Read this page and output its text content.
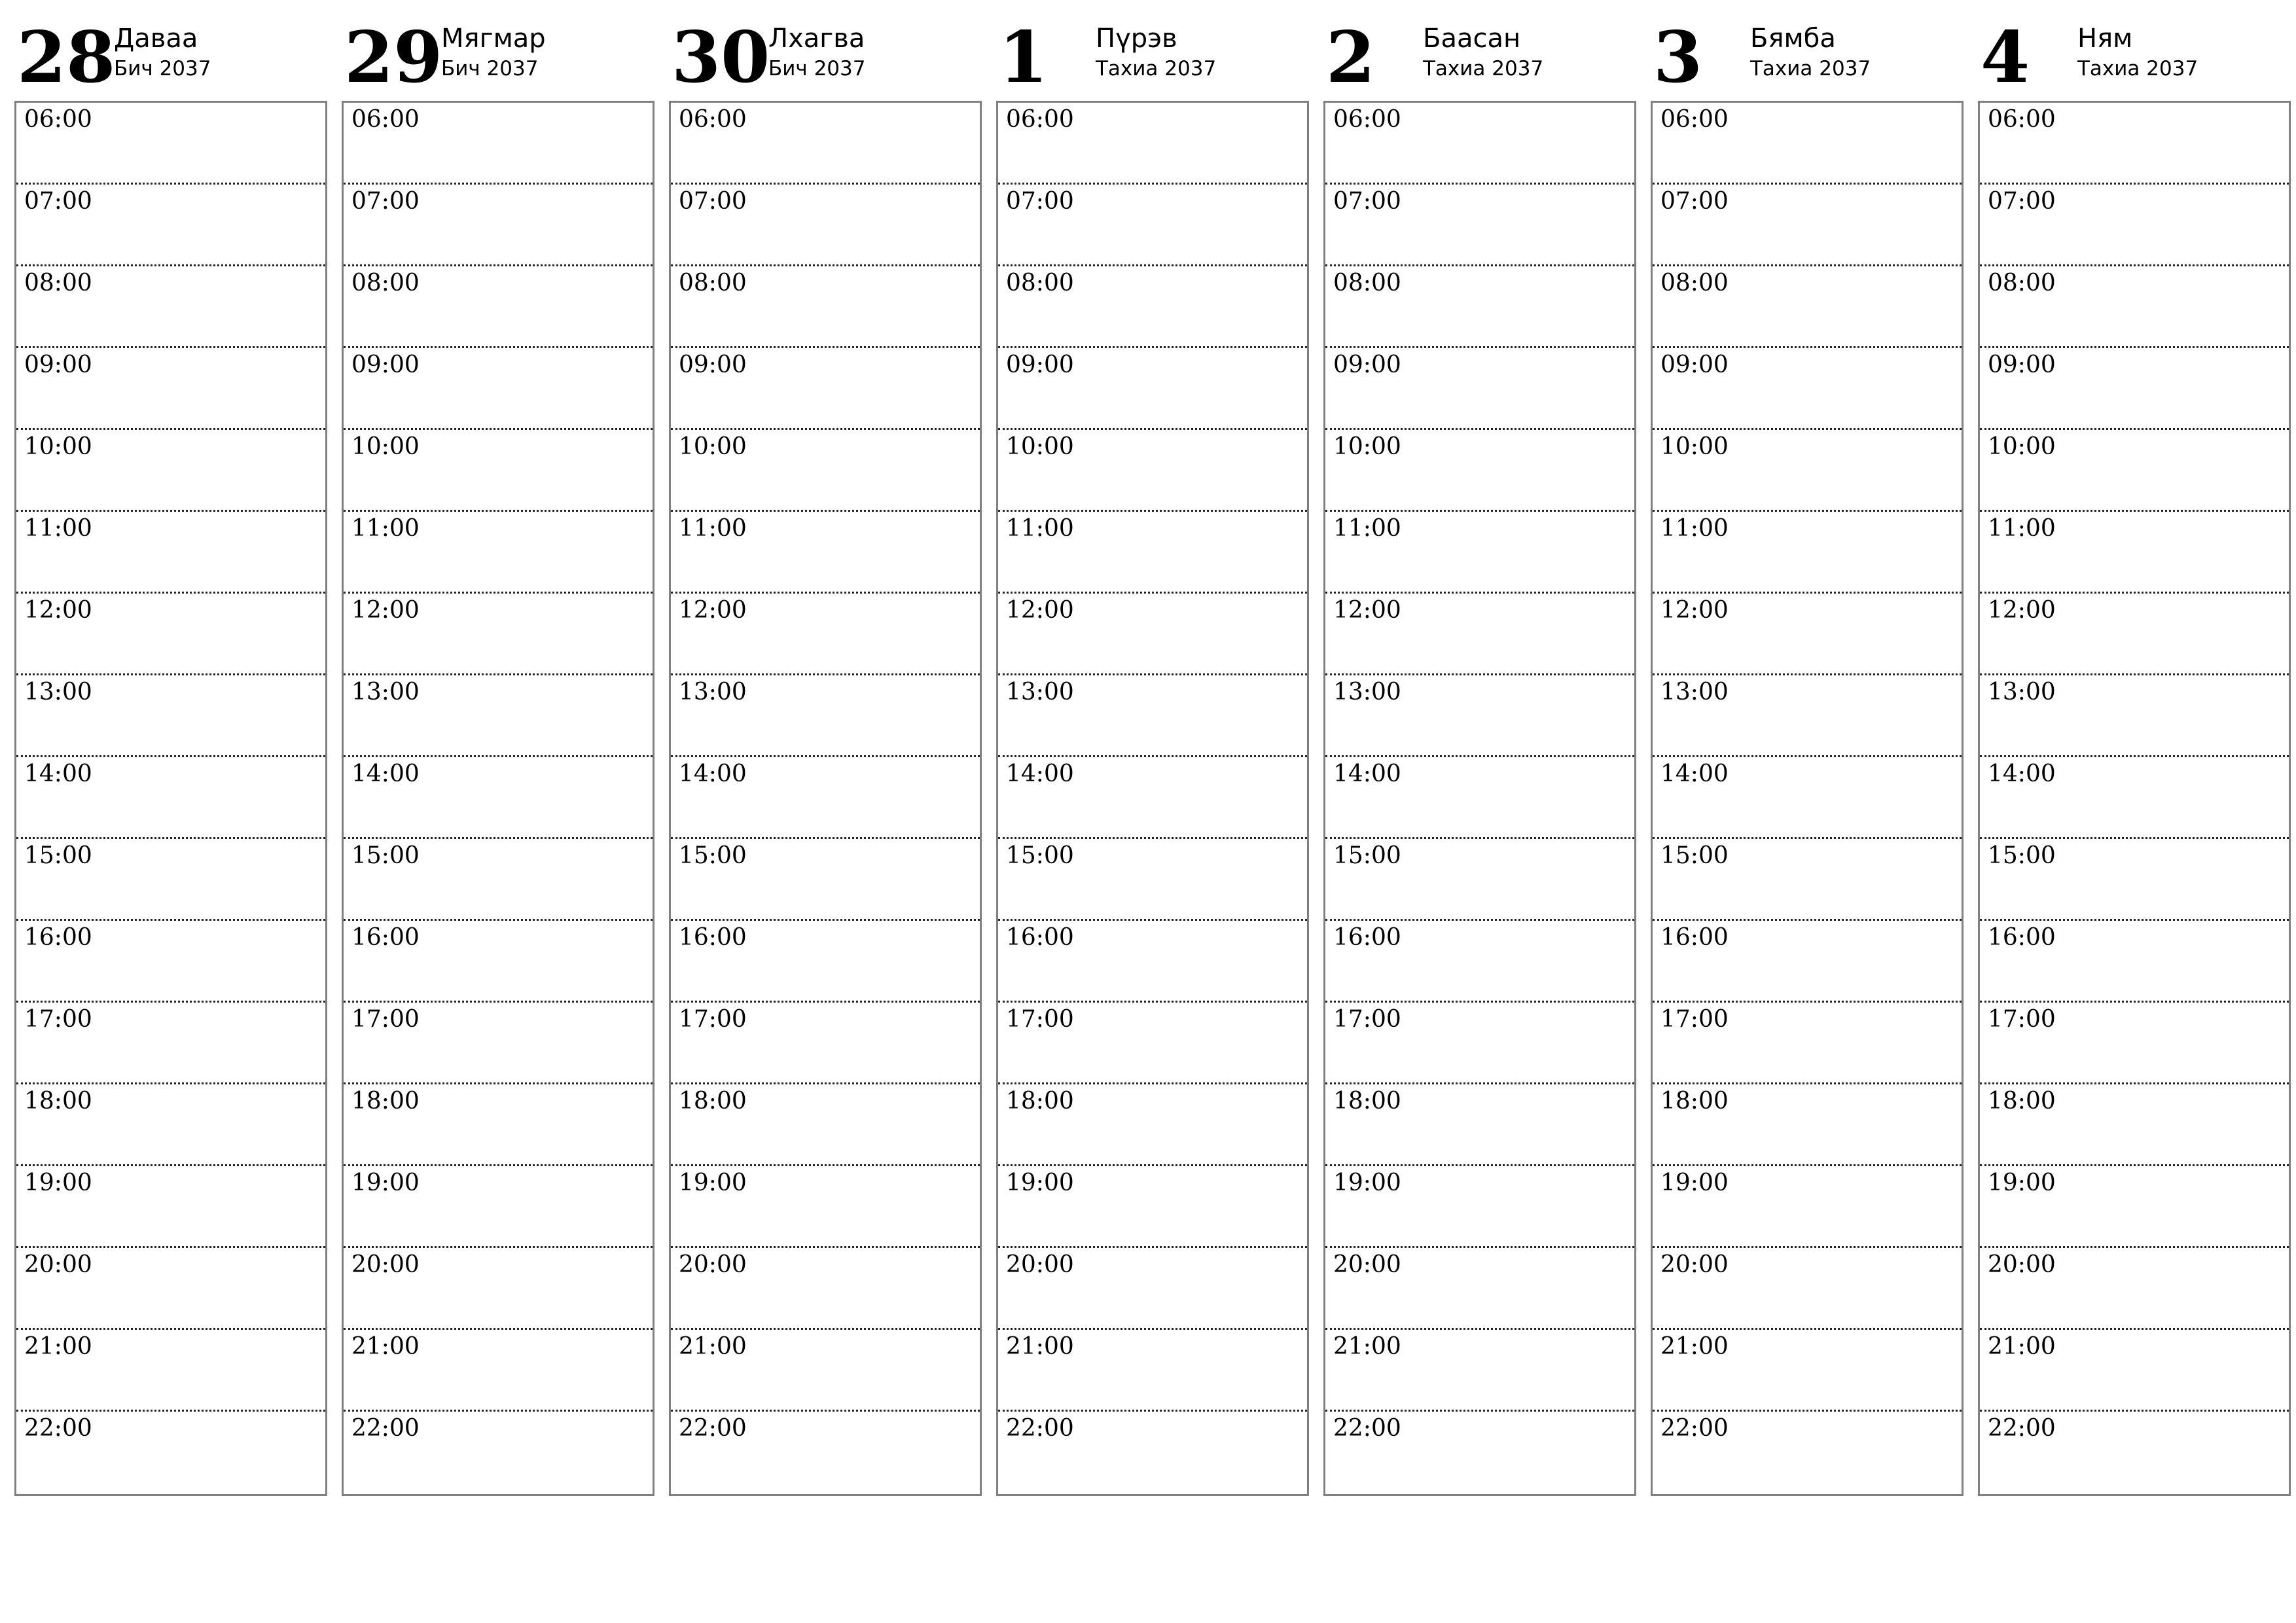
28
Даваа
Бич 2037
06:00
07:00
08:00
09:00
10:00
11:00
12:00
13:00
14:00
15:00
16:00
17:00
18:00
19:00
20:00
21:00
22:00
29
Мягмар
Бич 2037
06:00
07:00
08:00
09:00
10:00
11:00
12:00
13:00
14:00
15:00
16:00
17:00
18:00
19:00
20:00
21:00
22:00
30
Лхагва
Бич 2037
06:00
07:00
08:00
09:00
10:00
11:00
12:00
13:00
14:00
15:00
16:00
17:00
18:00
19:00
20:00
21:00
22:00
1	Пүрэв
Тахиа 2037
06:00
07:00
08:00
09:00
10:00
11:00
12:00
13:00
14:00
15:00
16:00
17:00
18:00
19:00
20:00
21:00
22:00
2	Баасан
Тахиа 2037
06:00
07:00
08:00
09:00
10:00
11:00
12:00
13:00
14:00
15:00
16:00
17:00
18:00
19:00
20:00
21:00
22:00
3	Бямба
Тахиа 2037
06:00
07:00
08:00
09:00
10:00
11:00
12:00
13:00
14:00
15:00
16:00
17:00
18:00
19:00
20:00
21:00
22:00
4	Ням
Тахиа 2037
06:00
07:00
08:00
09:00
10:00
11:00
12:00
13:00
14:00
15:00
16:00
17:00
18:00
19:00
20:00
21:00
22:00
